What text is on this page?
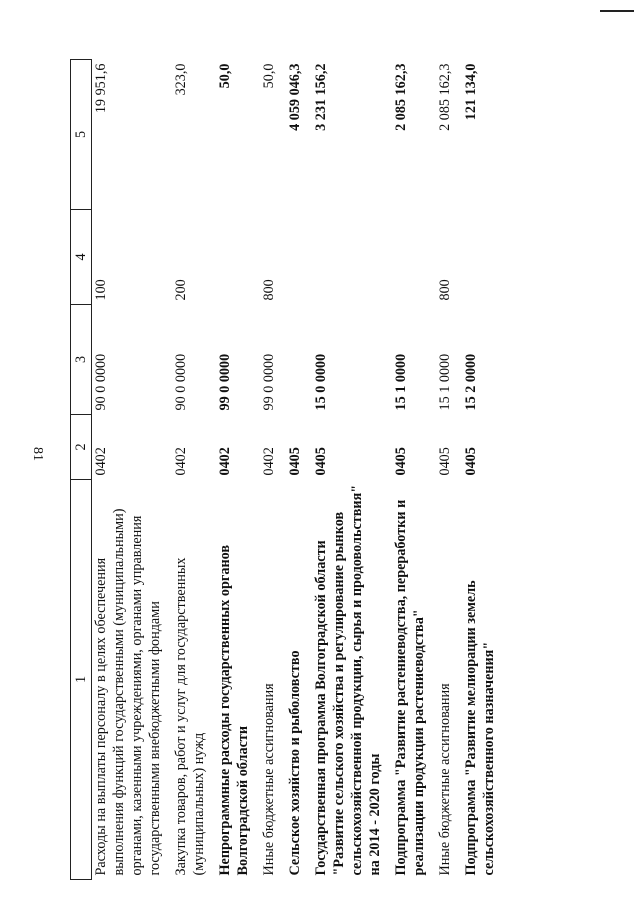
81
1	2	3	4	5
Расходы на выплаты персоналу в целях обеспечения выполнения функций государственными (муниципальными) органами, казенными учреждениями, органами управления государственными внебюджетными фондами	0402	90 0 0000	100	19 951,6

Закупка товаров, работ и услуг для государственных (муниципальных) нужд	0402	90 0 0000	200	323,0

Непрограммные расходы государственных органов Волгоградской области	0402	99 0 0000		50,0

Иные бюджетные ассигнования	0402	99 0 0000	800	50,0

Сельское хозяйство и рыболовство	0405			4 059 046,3

Государственная программа Волгоградской области "Развитие сельского хозяйства и регулирование рынков сельскохозяйственной продукции, сырья и продовольствия" на 2014 - 2020 годы	0405	15 0 0000		3 231 156,2

Подпрограмма "Развитие растениеводства, переработки и реализации продукции растениеводства"	0405	15 1 0000		2 085 162,3

Иные бюджетные ассигнования	0405	15 1 0000	800	2 085 162,3

Подпрограмма "Развитие мелиорации земель сельскохозяйственного назначения"	0405	15 2 0000		121 134,0
